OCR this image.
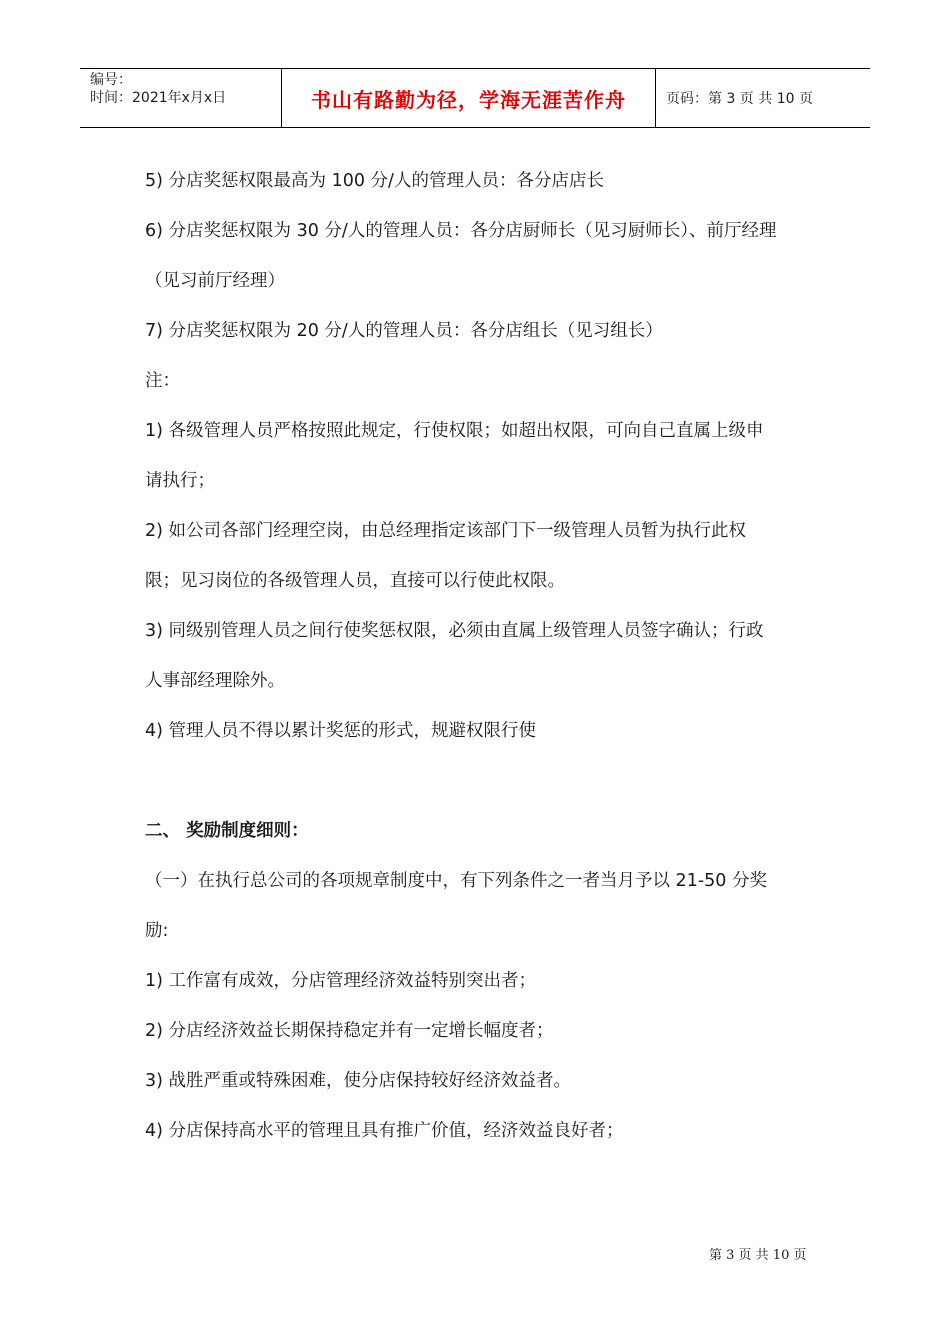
编号：
时间：2021年x月x日	书山有路勤为径，学海无涯苦作舟	页码：第 3 页 共 10 页
5) 分店奖惩权限最高为 100 分/人的管理人员：各分店店长
6) 分店奖惩权限为 30 分/人的管理人员：各分店厨师长（见习厨师长）、前厅经理
（见习前厅经理）
7) 分店奖惩权限为 20 分/人的管理人员：各分店组长（见习组长）
注：
1) 各级管理人员严格按照此规定，行使权限；如超出权限，可向自己直属上级申
请执行；
2) 如公司各部门经理空岗，由总经理指定该部门下一级管理人员暂为执行此权
限；见习岗位的各级管理人员，直接可以行使此权限。
3) 同级别管理人员之间行使奖惩权限，必须由直属上级管理人员签字确认；行政
人事部经理除外。
4) 管理人员不得以累计奖惩的形式，规避权限行使
二、 奖励制度细则：
（一）在执行总公司的各项规章制度中，有下列条件之一者当月予以 21-50 分奖
励:
1) 工作富有成效，分店管理经济效益特别突出者；
2) 分店经济效益长期保持稳定并有一定增长幅度者；
3) 战胜严重或特殊困难，使分店保持较好经济效益者。
4) 分店保持高水平的管理且具有推广价值，经济效益良好者；
第 3 页 共 10 页
